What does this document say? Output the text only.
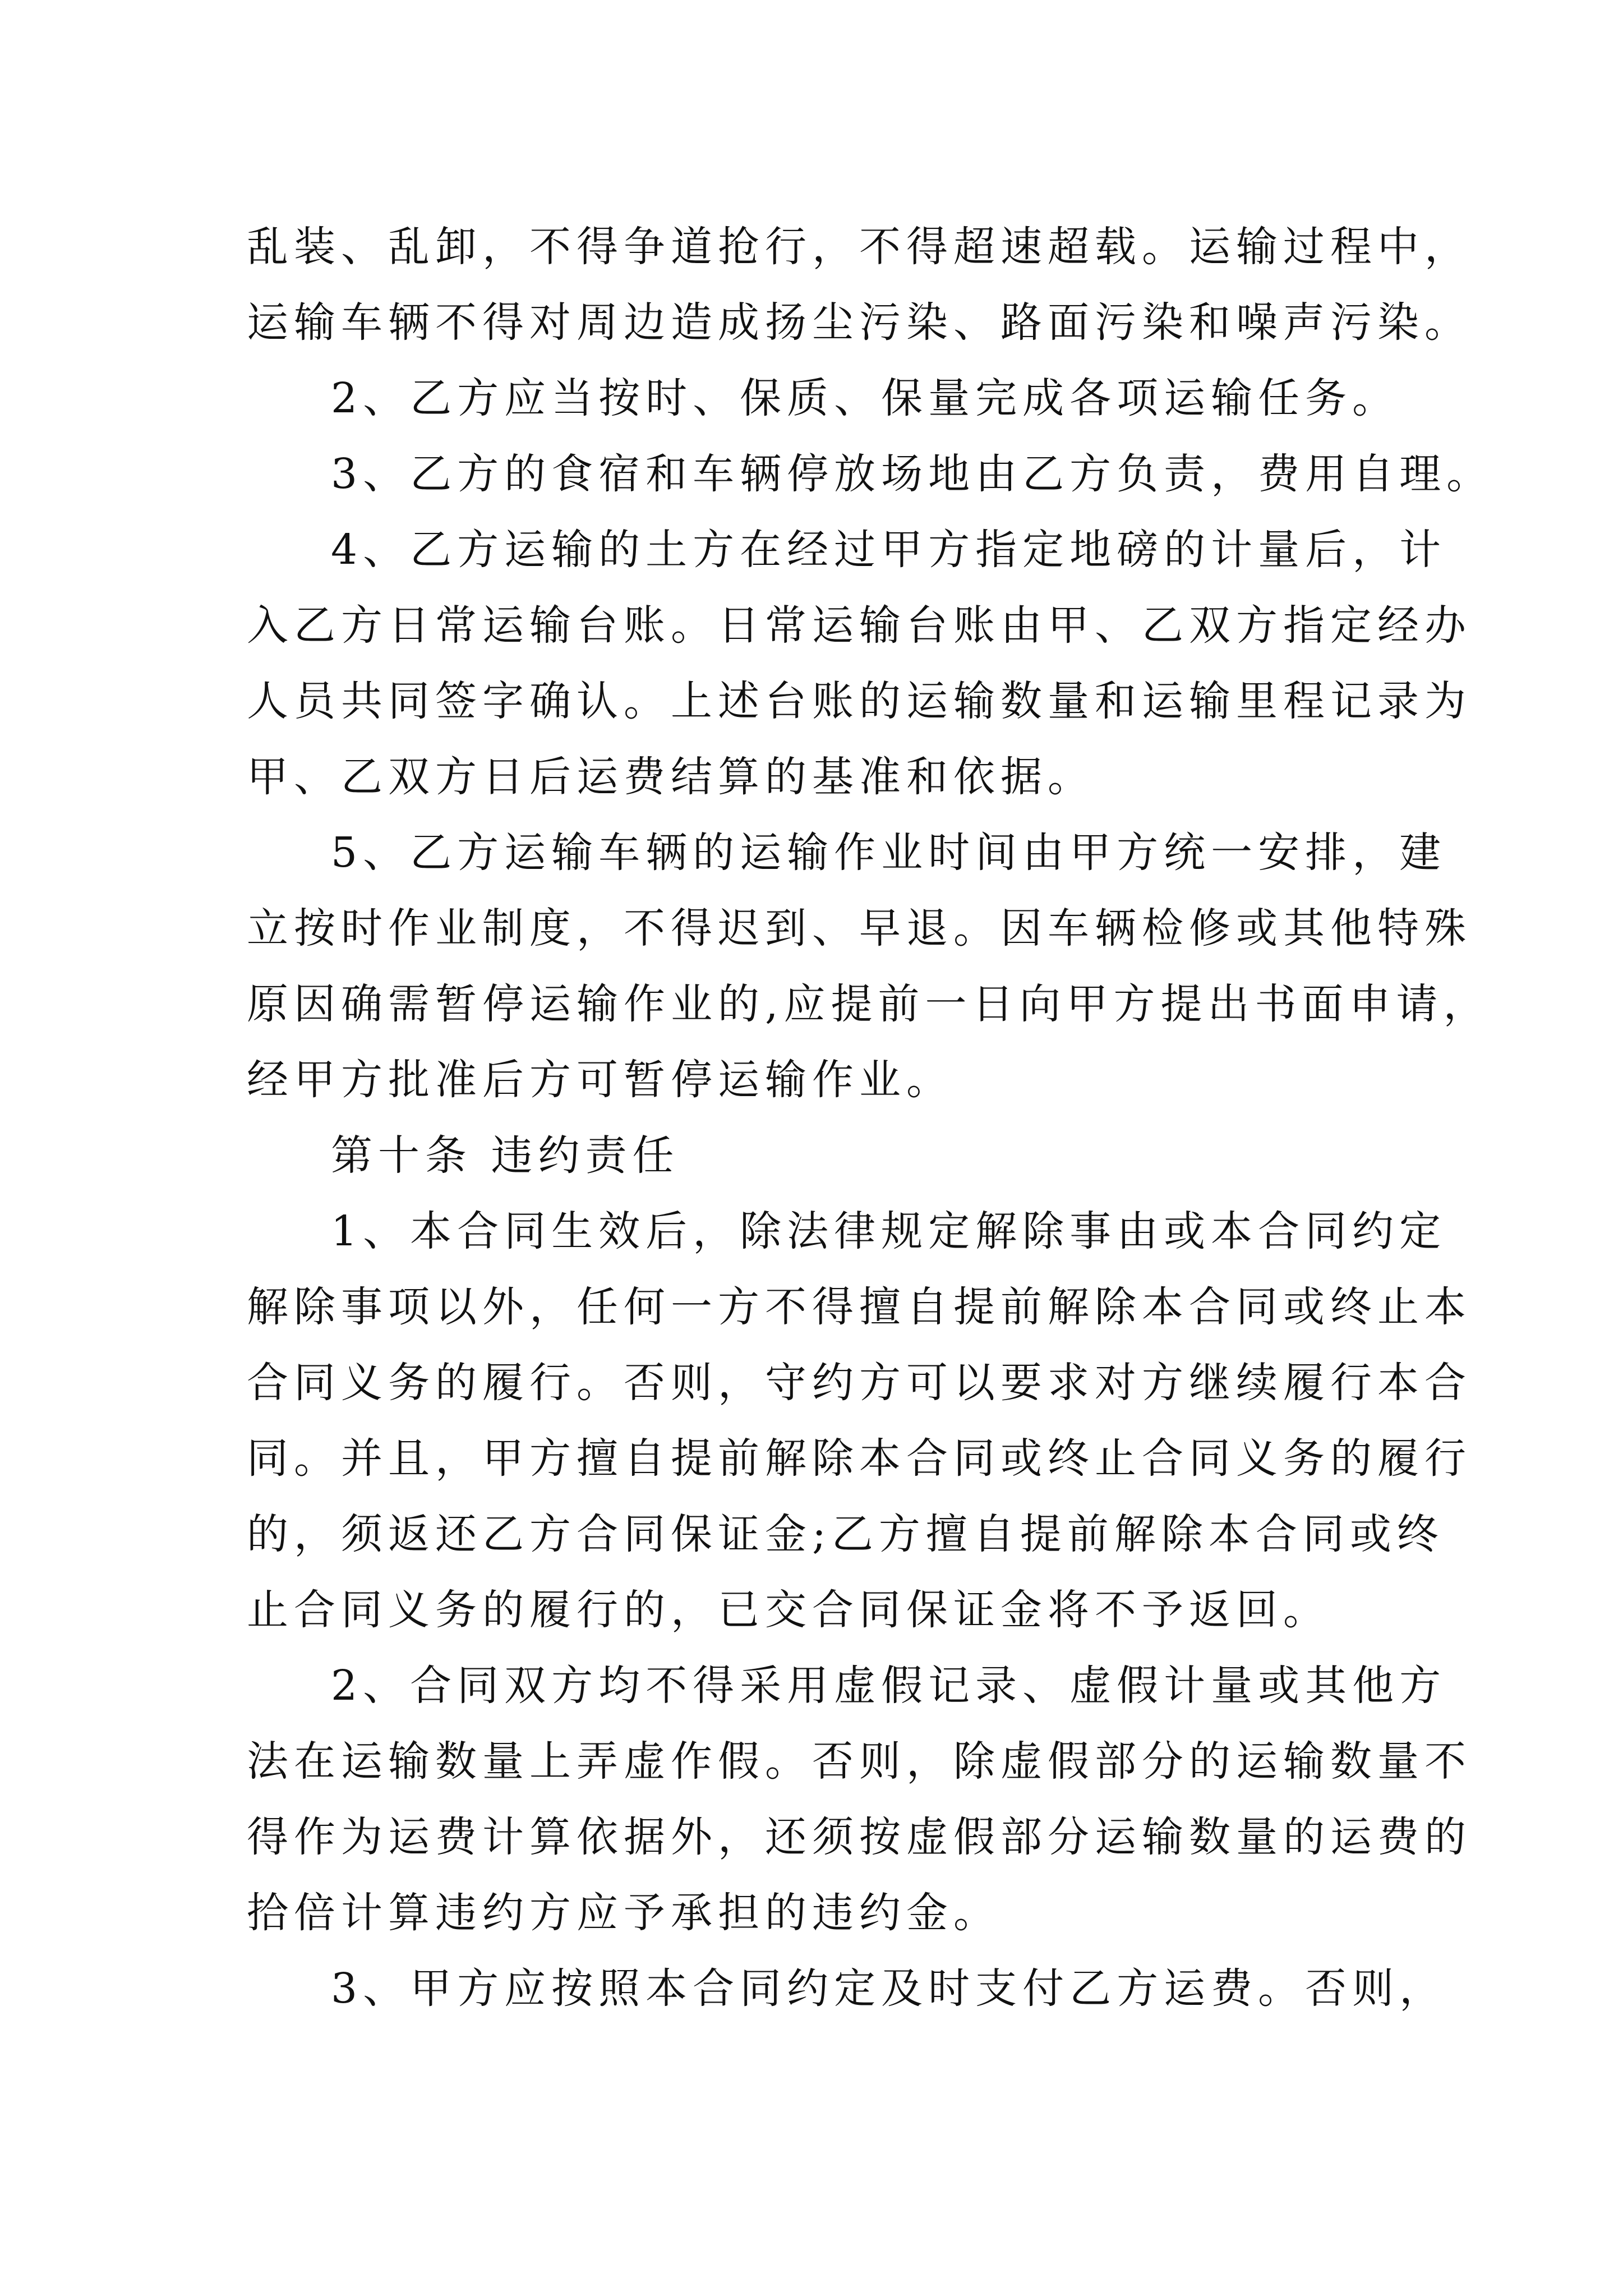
乱装、乱卸，不得争道抢行，不得超速超载。运输过程中，
运输车辆不得对周边造成扬尘污染、路面污染和噪声污染。
2、乙方应当按时、保质、保量完成各项运输任务。
3、乙方的食宿和车辆停放场地由乙方负责，费用自理。
4、乙方运输的土方在经过甲方指定地磅的计量后，计
入乙方日常运输台账。日常运输台账由甲、乙双方指定经办
人员共同签字确认。上述台账的运输数量和运输里程记录为
甲、乙双方日后运费结算的基准和依据。
5、乙方运输车辆的运输作业时间由甲方统一安排，建
立按时作业制度，不得迟到、早退。因车辆检修或其他特殊
原因确需暂停运输作业的,应提前一日向甲方提出书面申请，
经甲方批准后方可暂停运输作业。
第十条 违约责任
1、本合同生效后，除法律规定解除事由或本合同约定
解除事项以外，任何一方不得擅自提前解除本合同或终止本
合同义务的履行。否则，守约方可以要求对方继续履行本合
同。并且，甲方擅自提前解除本合同或终止合同义务的履行
的，须返还乙方合同保证金;乙方擅自提前解除本合同或终
止合同义务的履行的，已交合同保证金将不予返回。
2、合同双方均不得采用虚假记录、虚假计量或其他方
法在运输数量上弄虚作假。否则，除虚假部分的运输数量不
得作为运费计算依据外，还须按虚假部分运输数量的运费的
拾倍计算违约方应予承担的违约金。
3、甲方应按照本合同约定及时支付乙方运费。否则，
